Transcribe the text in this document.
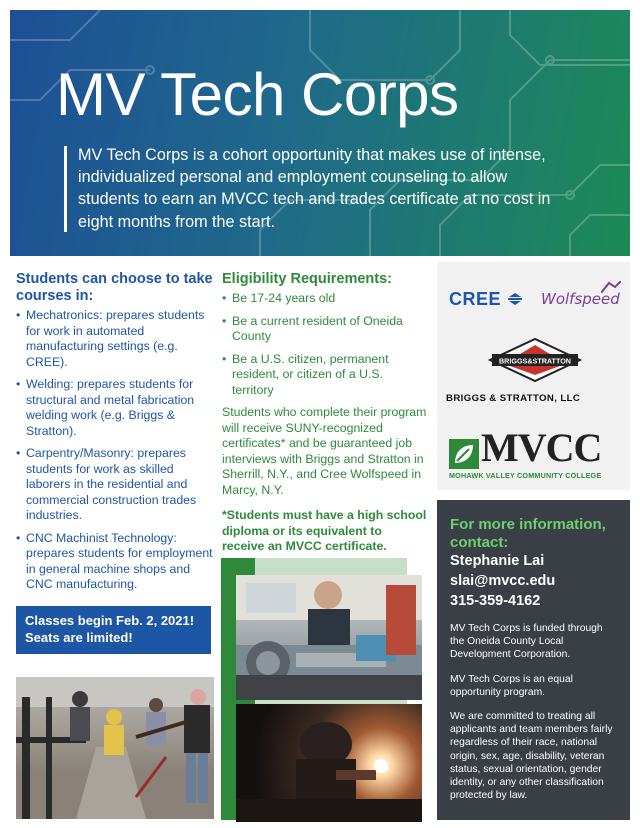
MV Tech Corps
MV Tech Corps is a cohort opportunity that makes use of intense, individualized personal and employment counseling to allow students to earn an MVCC tech and trades certificate at no cost in eight months from the start.
Students can choose to take courses in:
• Mechatronics: prepares students for work in automated manufacturing settings (e.g. CREE).
• Welding: prepares students for structural and metal fabrication welding work (e.g. Briggs & Stratton).
• Carpentry/Masonry: prepares students for work as skilled laborers in the residential and commercial construction trades industries.
• CNC Machinist Technology: prepares students for employment in general machine shops and CNC manufacturing.
Classes begin Feb. 2, 2021!
Seats are limited!
Eligibility Requirements:
• Be 17-24 years old
• Be a current resident of Oneida County
• Be a U.S. citizen, permanent resident, or citizen of a U.S. territory
Students who complete their program will receive SUNY-recognized certificates* and be guaranteed job interviews with Briggs and Stratton in Sherrill, N.Y., and Cree Wolfspeed in Marcy, N.Y.
*Students must have a high school diploma or its equivalent to receive an MVCC certificate.
CREE	Wolfspeed
BRIGGS&STRATTON
BRIGGS & STRATTON, LLC
MVCC
MOHAWK VALLEY COMMUNITY COLLEGE
For more information, contact:
Stephanie Lai
slai@mvcc.edu
315-359-4162
MV Tech Corps is funded through the Oneida County Local Development Corporation.
MV Tech Corps is an equal opportunity program.
We are committed to treating all applicants and team members fairly regardless of their race, national origin, sex, age, disability, veteran status, sexual orientation, gender identity, or any other classification protected by law.
